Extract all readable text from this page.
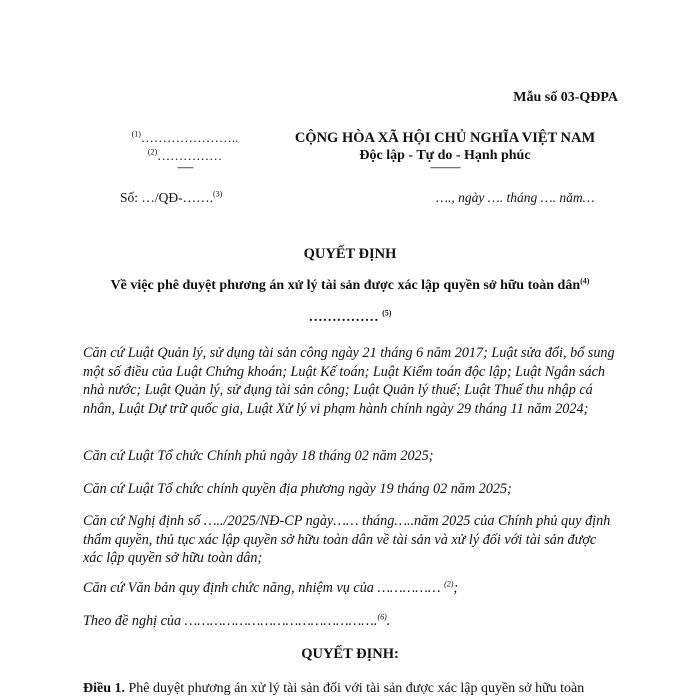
Mẫu số 03-QĐPA
$^{(1)}$…………………..
$^{(2)}$……………
--------
CỘNG HÒA XÃ HỘI CHỦ NGHĨA VIỆT NAM
Độc lập - Tự do - Hạnh phúc
---------------
Số: …/QĐ-…….$^{(3)}$	…., ngày …. tháng …. năm…
QUYẾT ĐỊNH
Về việc phê duyệt phương án xử lý tài sản được xác lập quyền sở hữu toàn dân$^{(4)}$
…………… $^{(5)}$
Căn cứ Luật Quản lý, sử dụng tài sản công ngày 21 tháng 6 năm 2017; Luật sửa đổi, bổ sung một số điều của Luật Chứng khoán; Luật Kế toán; Luật Kiểm toán độc lập; Luật Ngân sách nhà nước; Luật Quản lý, sử dụng tài sản công; Luật Quản lý thuế; Luật Thuế thu nhập cá nhân, Luật Dự trữ quốc gia, Luật Xử lý vi phạm hành chính ngày 29 tháng 11 năm 2024;
Căn cứ Luật Tổ chức Chính phủ ngày 18 tháng 02 năm 2025;
Căn cứ Luật Tổ chức chính quyền địa phương ngày 19 tháng 02 năm 2025;
Căn cứ Nghị định số …../2025/NĐ-CP ngày…… tháng…..năm 2025 của Chính phủ quy định thẩm quyền, thủ tục xác lập quyền sở hữu toàn dân về tài sản và xử lý đối với tài sản được xác lập quyền sở hữu toàn dân;
Căn cứ Văn bản quy định chức năng, nhiệm vụ của …………… $^{(2)}$;
Theo đề nghị của ……………………………………….$^{(6)}$.
QUYẾT ĐỊNH:
Điều 1. Phê duyệt phương án xử lý tài sản đối với tài sản được xác lập quyền sở hữu toàn
